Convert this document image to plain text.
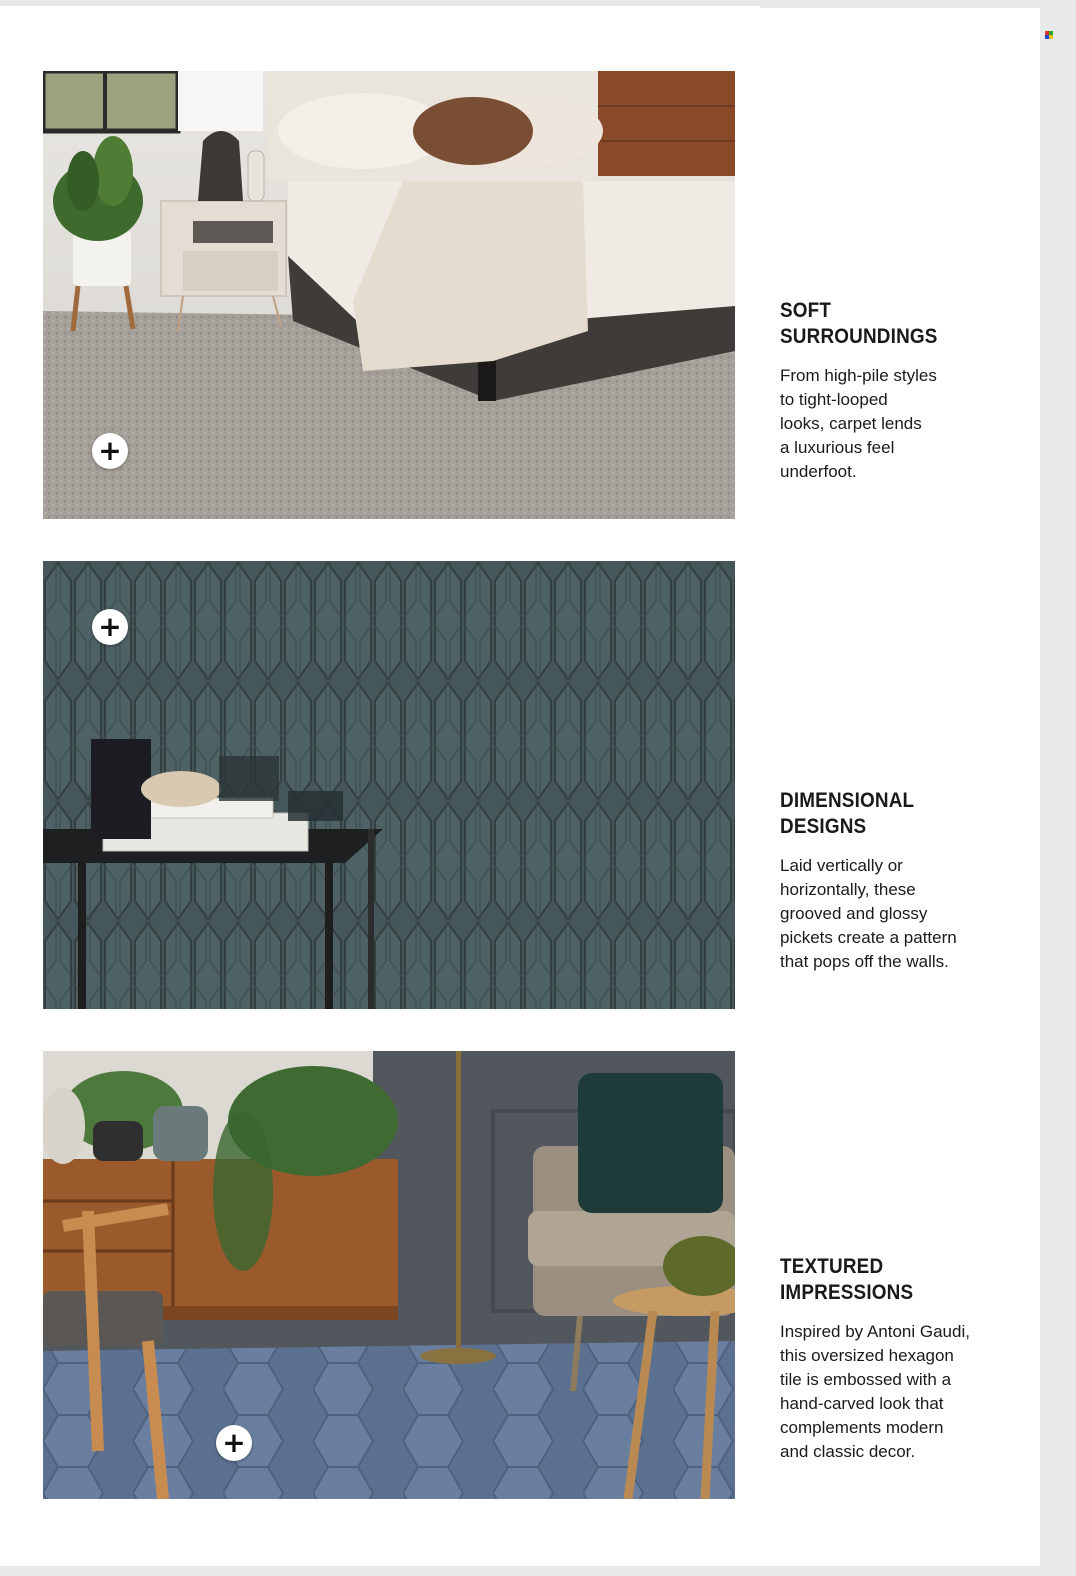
+
SOFT
SURROUNDINGS

From high-pile styles
to tight-looped
looks, carpet lends
a luxurious feel
underfoot.

+
DIMENSIONAL
DESIGNS

Laid vertically or
horizontally, these
grooved and glossy
pickets create a pattern
that pops off the walls.

+
TEXTURED
IMPRESSIONS

Inspired by Antoni Gaudi,
this oversized hexagon
tile is embossed with a
hand-carved look that
complements modern
and classic decor.
